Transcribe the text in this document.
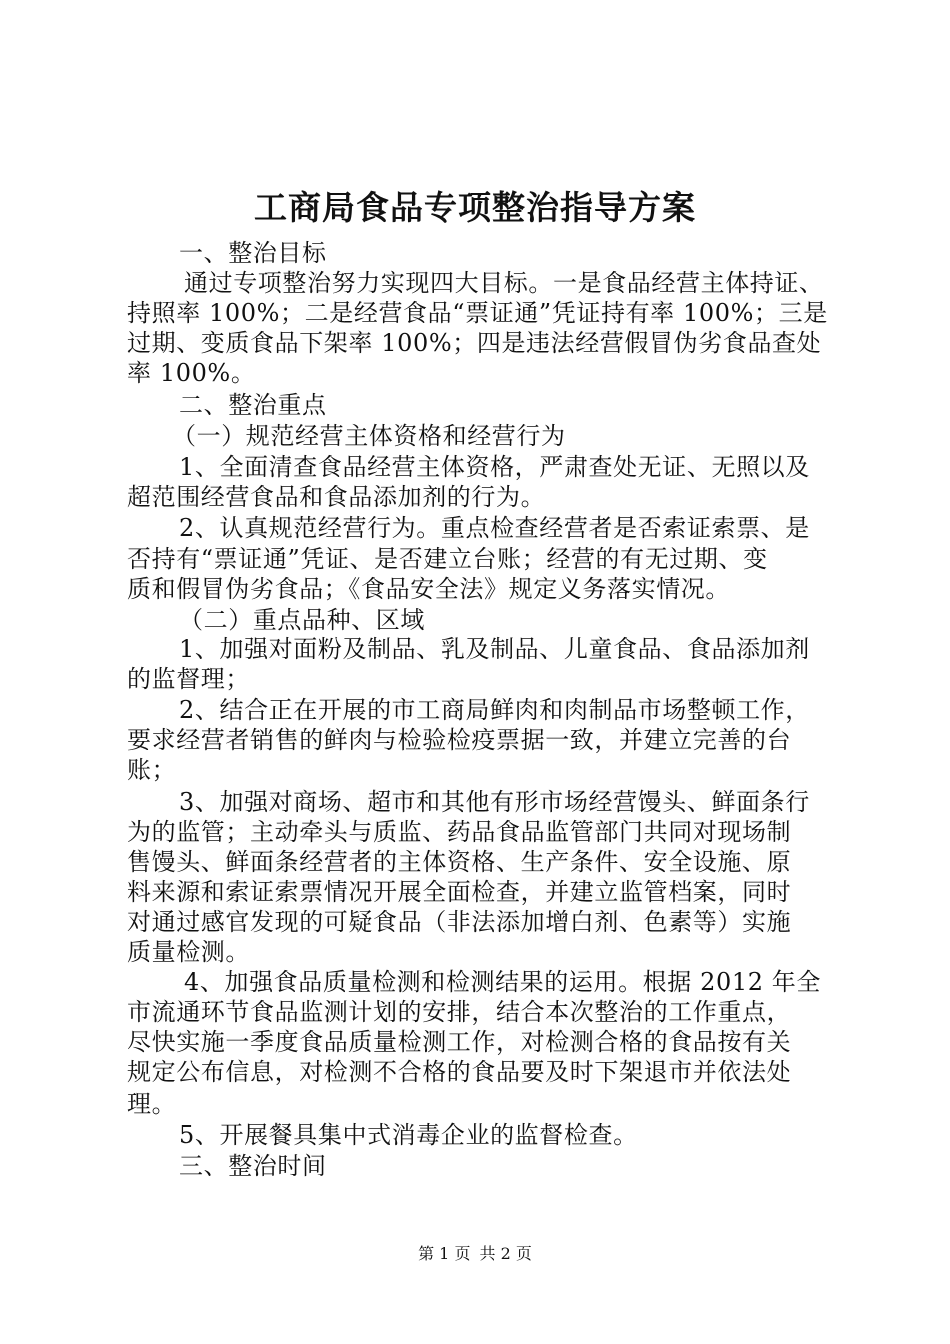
工商局食品专项整治指导方案
一、整治目标
通过专项整治努力实现四大目标。一是食品经营主体持证、
持照率 100%；二是经营食品“票证通”凭证持有率 100%；三是
过期、变质食品下架率 100%；四是违法经营假冒伪劣食品查处
率 100%。
二、整治重点
（一）规范经营主体资格和经营行为
1、全面清查食品经营主体资格，严肃查处无证、无照以及
超范围经营食品和食品添加剂的行为。
2、认真规范经营行为。重点检查经营者是否索证索票、是
否持有“票证通”凭证、是否建立台账；经营的有无过期、变
质和假冒伪劣食品；《食品安全法》规定义务落实情况。
（二）重点品种、区域
1、加强对面粉及制品、乳及制品、儿童食品、食品添加剂
的监督理；
2、结合正在开展的市工商局鲜肉和肉制品市场整顿工作，
要求经营者销售的鲜肉与检验检疫票据一致，并建立完善的台
账；
3、加强对商场、超市和其他有形市场经营馒头、鲜面条行
为的监管；主动牵头与质监、药品食品监管部门共同对现场制
售馒头、鲜面条经营者的主体资格、生产条件、安全设施、原
料来源和索证索票情况开展全面检查，并建立监管档案，同时
对通过感官发现的可疑食品（非法添加增白剂、色素等）实施
质量检测。
4、加强食品质量检测和检测结果的运用。根据 2012 年全
市流通环节食品监测计划的安排，结合本次整治的工作重点，
尽快实施一季度食品质量检测工作，对检测合格的食品按有关
规定公布信息，对检测不合格的食品要及时下架退市并依法处
理。
5、开展餐具集中式消毒企业的监督检查。
三、整治时间
第 1 页 共 2 页
